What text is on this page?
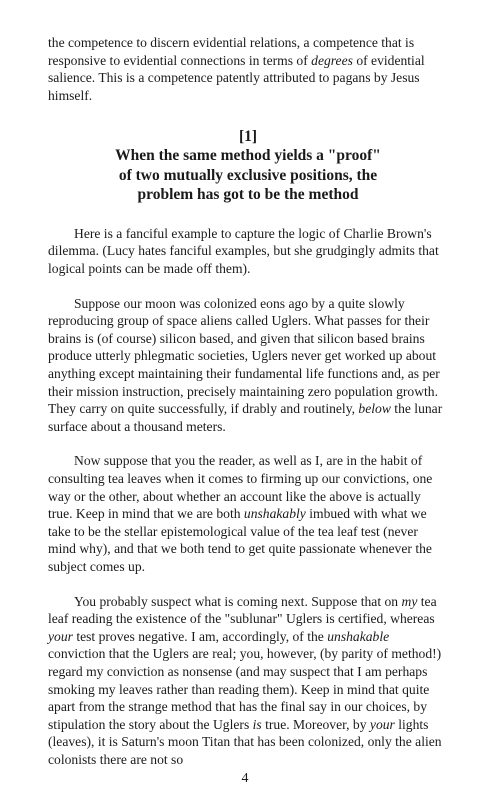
the competence to discern evidential relations, a competence that is responsive to evidential connections in terms of degrees of evidential salience. This is a competence patently attributed to pagans by Jesus himself.

[1]
When the same method yields a "proof"
of two mutually exclusive positions, the
problem has got to be the method

Here is a fanciful example to capture the logic of Charlie Brown's dilemma. (Lucy hates fanciful examples, but she grudgingly admits that logical points can be made off them).

Suppose our moon was colonized eons ago by a quite slowly reproducing group of space aliens called Uglers. What passes for their brains is (of course) silicon based, and given that silicon based brains produce utterly phlegmatic societies, Uglers never get worked up about anything except maintaining their fundamental life functions and, as per their mission instruction, precisely maintaining zero population growth. They carry on quite successfully, if drably and routinely, below the lunar surface about a thousand meters.

Now suppose that you the reader, as well as I, are in the habit of consulting tea leaves when it comes to firming up our convictions, one way or the other, about whether an account like the above is actually true. Keep in mind that we are both unshakably imbued with what we take to be the stellar epistemological value of the tea leaf test (never mind why), and that we both tend to get quite passionate whenever the subject comes up.

You probably suspect what is coming next. Suppose that on my tea leaf reading the existence of the "sublunar" Uglers is certified, whereas your test proves negative. I am, accordingly, of the unshakable conviction that the Uglers are real; you, however, (by parity of method!) regard my conviction as nonsense (and may suspect that I am perhaps smoking my leaves rather than reading them). Keep in mind that quite apart from the strange method that has the final say in our choices, by stipulation the story about the Uglers is true. Moreover, by your lights (leaves), it is Saturn's moon Titan that has been colonized, only the alien colonists there are not so

4
